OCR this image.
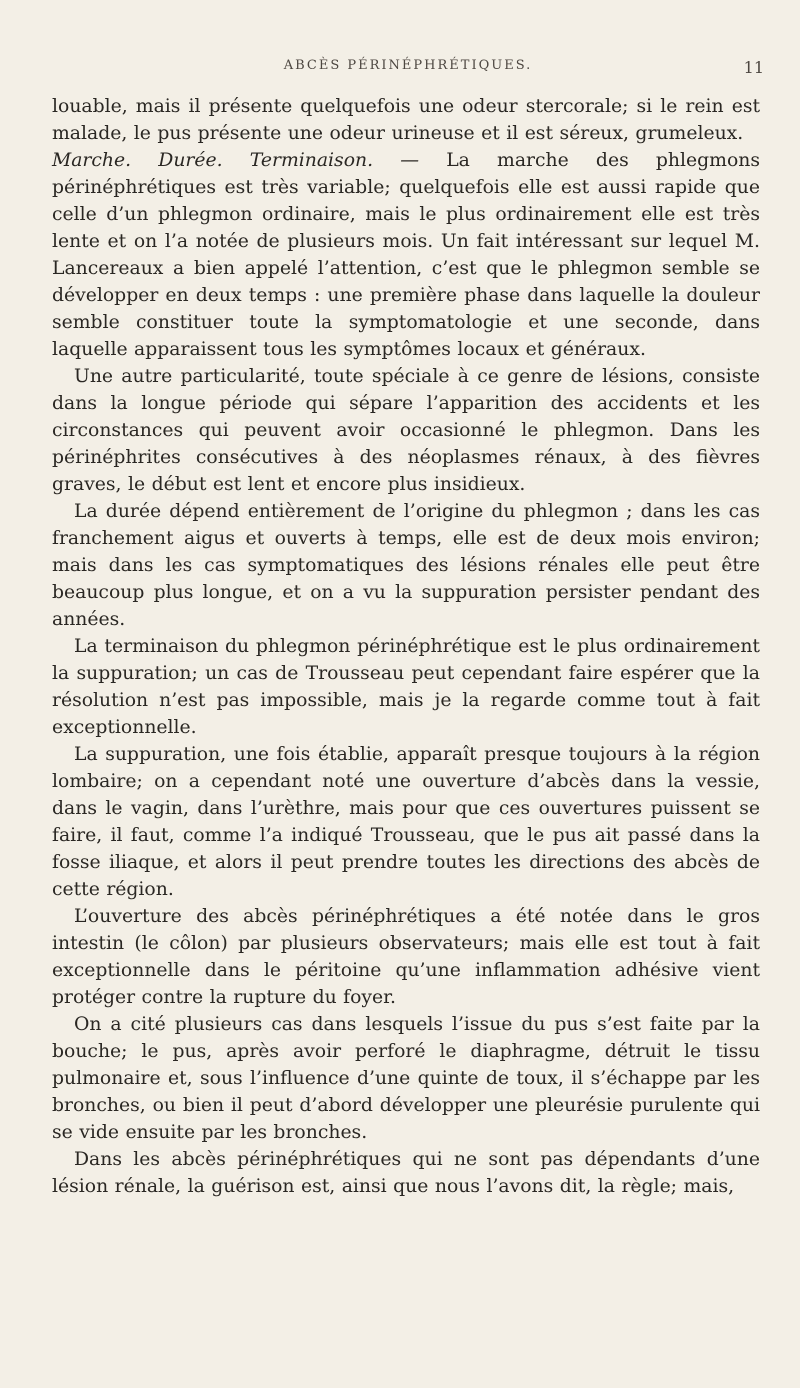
ABCÈS PÉRINÉPHRÉTIQUES.	11

louable, mais il présente quelquefois une odeur stercorale; si le rein est malade, le pus présente une odeur urineuse et il est séreux, grumeleux.

Marche. Durée. Terminaison. — La marche des phlegmons périnéphrétiques est très variable; quelquefois elle est aussi rapide que celle d’un phlegmon ordinaire, mais le plus ordinairement elle est très lente et on l’a notée de plusieurs mois. Un fait intéressant sur lequel M. Lancereaux a bien appelé l’attention, c’est que le phlegmon semble se développer en deux temps : une première phase dans laquelle la douleur semble constituer toute la symptomatologie et une seconde, dans laquelle apparaissent tous les symptômes locaux et généraux.

Une autre particularité, toute spéciale à ce genre de lésions, consiste dans la longue période qui sépare l’apparition des accidents et les circonstances qui peuvent avoir occasionné le phlegmon. Dans les périnéphrites consécutives à des néoplasmes rénaux, à des fièvres graves, le début est lent et encore plus insidieux.

La durée dépend entièrement de l’origine du phlegmon ; dans les cas franchement aigus et ouverts à temps, elle est de deux mois environ; mais dans les cas symptomatiques des lésions rénales elle peut être beaucoup plus longue, et on a vu la suppuration persister pendant des années.

La terminaison du phlegmon périnéphrétique est le plus ordinairement la suppuration; un cas de Trousseau peut cependant faire espérer que la résolution n’est pas impossible, mais je la regarde comme tout à fait exceptionnelle.

La suppuration, une fois établie, apparaît presque toujours à la région lombaire; on a cependant noté une ouverture d’abcès dans la vessie, dans le vagin, dans l’urèthre, mais pour que ces ouvertures puissent se faire, il faut, comme l’a indiqué Trousseau, que le pus ait passé dans la fosse iliaque, et alors il peut prendre toutes les directions des abcès de cette région.

L’ouverture des abcès périnéphrétiques a été notée dans le gros intestin (le côlon) par plusieurs observateurs; mais elle est tout à fait exceptionnelle dans le péritoine qu’une inflammation adhésive vient protéger contre la rupture du foyer.

On a cité plusieurs cas dans lesquels l’issue du pus s’est faite par la bouche; le pus, après avoir perforé le diaphragme, détruit le tissu pulmonaire et, sous l’influence d’une quinte de toux, il s’échappe par les bronches, ou bien il peut d’abord développer une pleurésie purulente qui se vide ensuite par les bronches.

Dans les abcès périnéphrétiques qui ne sont pas dépendants d’une lésion rénale, la guérison est, ainsi que nous l’avons dit, la règle; mais,
